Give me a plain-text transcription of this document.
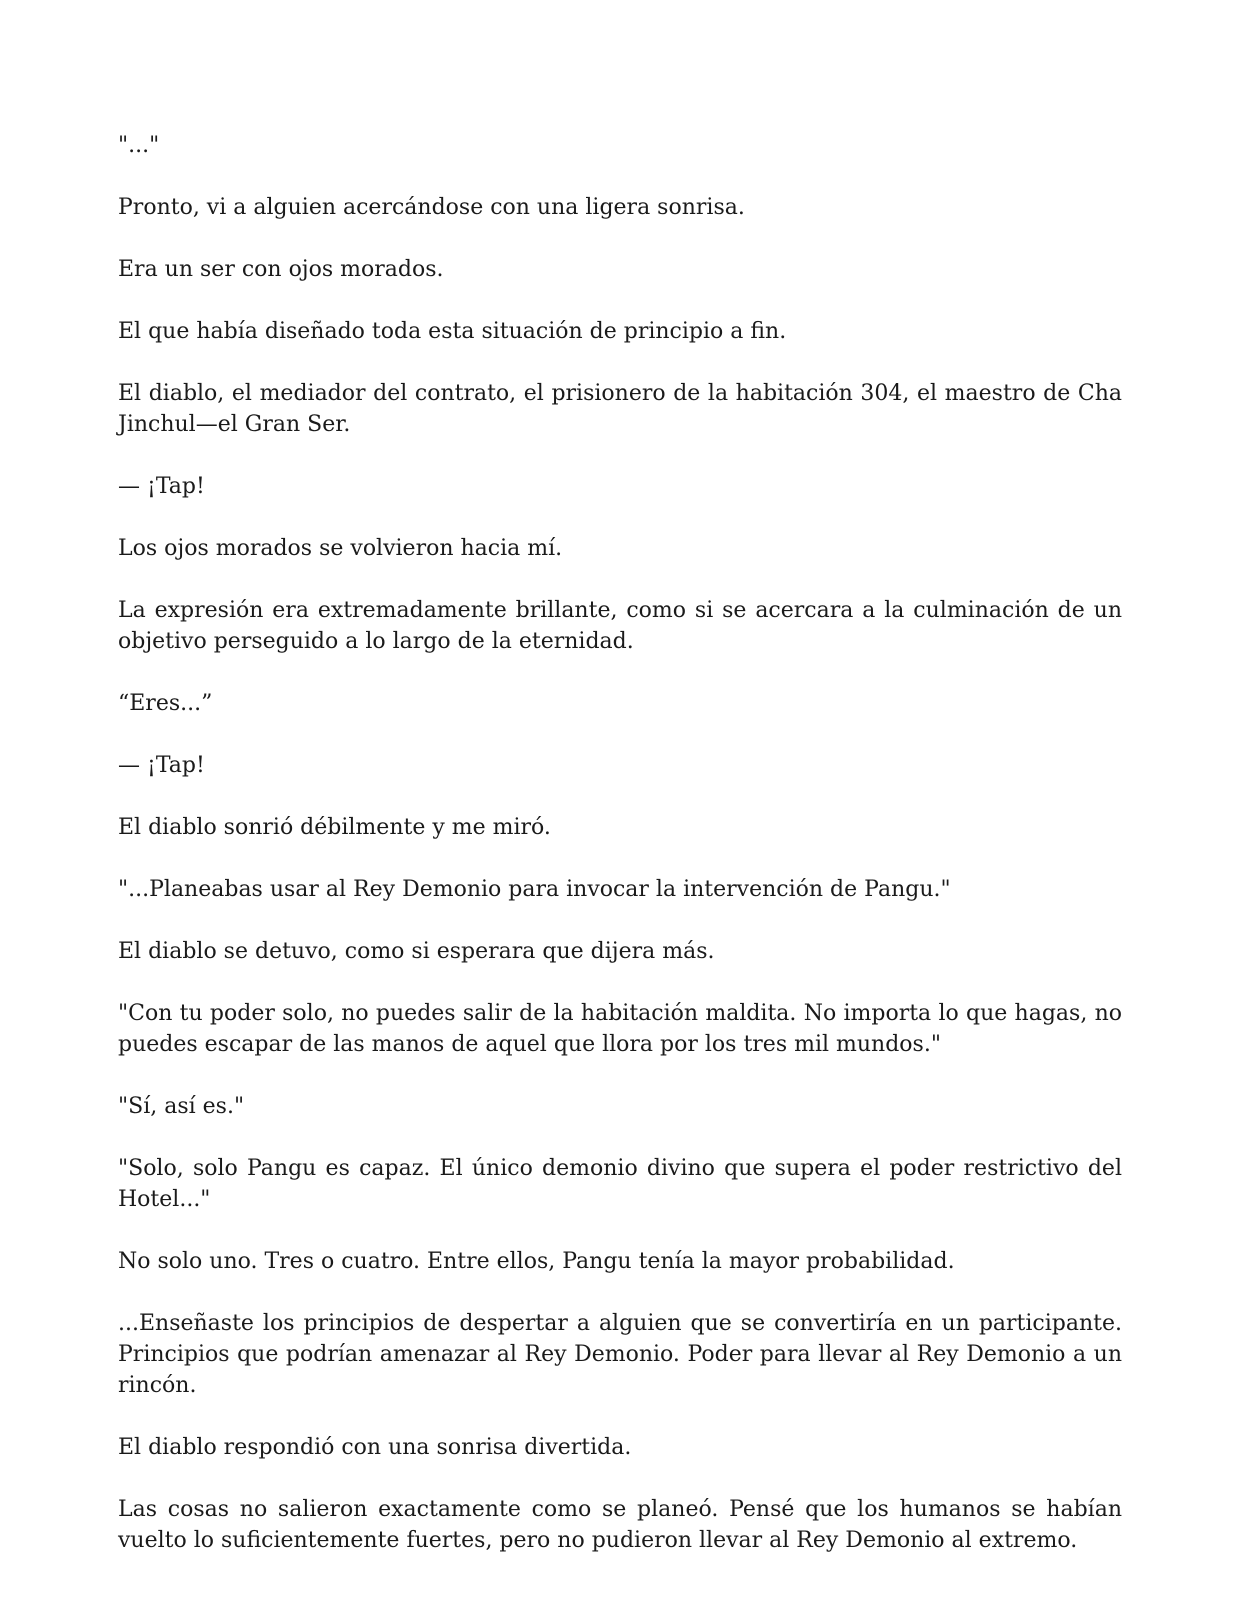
"..."

Pronto, vi a alguien acercándose con una ligera sonrisa.

Era un ser con ojos morados.

El que había diseñado toda esta situación de principio a fin.

El diablo, el mediador del contrato, el prisionero de la habitación 304, el maestro de Cha Jinchul—el Gran Ser.

— ¡Tap!

Los ojos morados se volvieron hacia mí.

La expresión era extremadamente brillante, como si se acercara a la culminación de un objetivo perseguido a lo largo de la eternidad.

“Eres...”

— ¡Tap!

El diablo sonrió débilmente y me miró.

"...Planeabas usar al Rey Demonio para invocar la intervención de Pangu."

El diablo se detuvo, como si esperara que dijera más.

"Con tu poder solo, no puedes salir de la habitación maldita. No importa lo que hagas, no puedes escapar de las manos de aquel que llora por los tres mil mundos."

"Sí, así es."

"Solo, solo Pangu es capaz. El único demonio divino que supera el poder restrictivo del Hotel..."

No solo uno. Tres o cuatro. Entre ellos, Pangu tenía la mayor probabilidad.

...Enseñaste los principios de despertar a alguien que se convertiría en un participante. Principios que podrían amenazar al Rey Demonio. Poder para llevar al Rey Demonio a un rincón.

El diablo respondió con una sonrisa divertida.

Las cosas no salieron exactamente como se planeó. Pensé que los humanos se habían vuelto lo suficientemente fuertes, pero no pudieron llevar al Rey Demonio al extremo.
